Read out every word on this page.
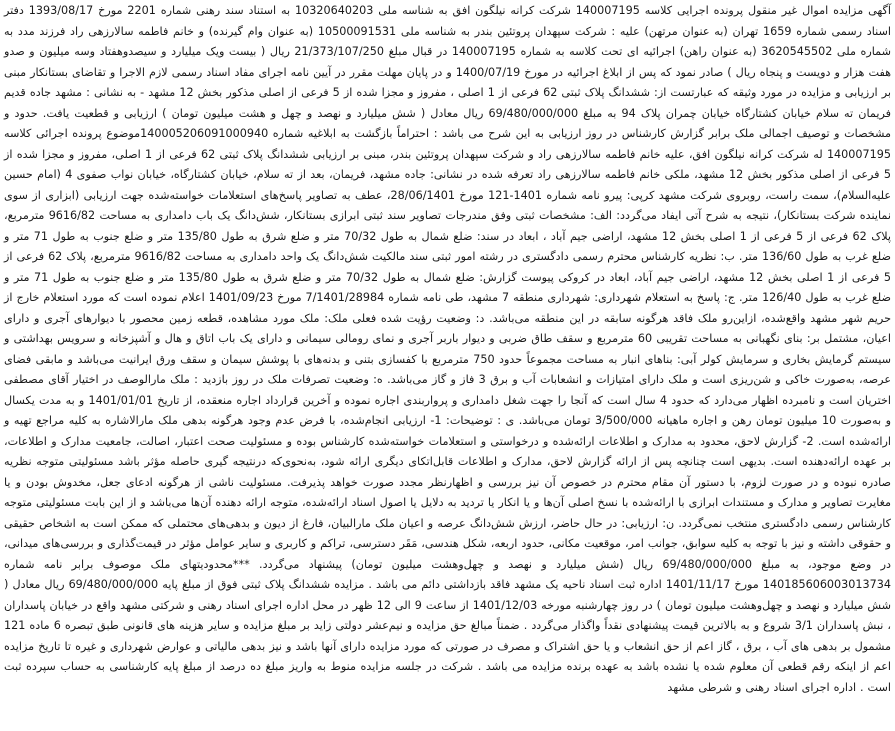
آگهی مزایده اموال غیر منقول پرونده اجرایی کلاسه 140007195 شرکت کرانه نیلگون افق به شناسه ملی 10320640203 به استناد سند رهنی شماره 2201 مورخ 1393/08/17 دفتر اسناد رسمی شماره 1659 تهران (به عنوان مرتهن) علیه : شرکت سپهدان پروتئین بندر به شناسه ملی 10500091531 (به عنوان وام گیرنده) و خانم فاطمه سالارزهی راد فرزند مدد به شماره ملی 3620545502 (به عنوان راهن) اجرائیه ای تحت کلاسه به شماره 140007195 در قبال مبلغ 21/373/107/250 ریال ( بیست ویک میلیارد و سیصدوهفتاد وسه میلیون و صدو هفت هزار و دویست و پنجاه ریال ) صادر نمود که پس از ابلاغ اجرائیه در مورخ 1400/07/19 و در پایان مهلت مقرر در آیین نامه اجرای مفاد اسناد رسمی لازم الاجرا و تقاضای بستانکار مبنی بر ارزیابی و مزایده در مورد وثیقه که عبارتست از: ششدانگ پلاک ثبتی 62 فرعی از 1 اصلی ، مفروز و مجزا شده از 5 فرعی از اصلی مذکور بخش 12 مشهد - به نشانی : مشهد جاده قدیم فریمان ته سلام خیابان کشتارگاه خیابان چمران پلاک 94 به مبلغ 69/480/000/000 ریال معادل ( شش میلیارد و نهصد و چهل و هشت میلیون تومان ) ارزیابی و قطعیت یافت. حدود و مشخصات و توصیف اجمالی ملک برابر گزارش کارشناس در روز ارزیابی به این شرح می باشد : احتراماً بازگشت به ابلاغیه شماره 140005206091000940موضوع پرونده اجرائی کلاسه 140007195 له شرکت کرانه نیلگون افق، علیه خانم فاطمه سالارزهی راد و شرکت سپهدان پروتئین بندر، مبنی بر ارزیابی ششدانگ پلاک ثبتی 62 فرعی از 1 اصلی، مفروز و مجزا شده از 5 فرعی از اصلی مذکور بخش 12 مشهد، ملکی خانم فاطمه سالارزهی راد تعرفه شده در نشانی: جاده مشهد، فریمان، بعد از ته سلام، خیابان کشتارگاه، خیابان نواب صفوی 4 (امام حسین علیه‌السلام)، سمت راست، روبروی شرکت مشهد کرپی: پیرو نامه شماره 1401-121 مورخ 28/06/1401، عطف به تصاویر پاسخ‌های استعلامات خواسته‌شده جهت ارزیابی (ابزاری از سوی نماینده شرکت بستانکار)، نتیجه به شرح آتی ایفاد می‌گردد: الف: مشخصات ثبتی وفق مندرجات تصاویر سند ثبتی ابرازی بستانکار، شش‌دانگ یک باب دامداری به مساحت 9616/82 مترمربع، پلاک 62 فرعی از 5 فرعی از 1 اصلی بخش 12 مشهد، اراضی جیم آباد ، ابعاد در سند: ضلع شمال به طول 70/32 متر و ضلع شرق به طول 135/80 متر و ضلع جنوب به طول 71 متر و ضلع غرب به طول 136/60 متر. ب: نظریه کارشناس محترم رسمی دادگستری در رشته امور ثبتی سند مالکیت شش‌دانگ یک واحد دامداری به مساحت 9616/82 مترمربع، پلاک 62 فرعی از 5 فرعی از 1 اصلی بخش 12 مشهد، اراضی جیم آباد، ابعاد در کروکی پیوست گزارش: ضلع شمال به طول 70/32 متر و ضلع شرق به طول 135/80 متر و ضلع جنوب به طول 71 متر و ضلع غرب به طول 126/40 متر. ج: پاسخ به استعلام شهرداری: شهرداری منطقه 7 مشهد، طی نامه شماره 7/1401/28984 مورخ 1401/09/23 اعلام نموده است که مورد استعلام خارج از حریم شهر مشهد واقع‌شده، ازاین‌رو ملک فاقد هرگونه سابقه در این منطقه می‌باشد. د: وضعیت رؤیت شده فعلی ملک: ملک مورد مشاهده، قطعه زمین محصور با دیوارهای آجری و دارای اعیان، مشتمل بر: بنای نگهبانی به مساحت تقریبی 60 مترمربع و سقف طاق ضربی و دیوار باربر آجری و نمای رومالی سیمانی و دارای یک باب اتاق و هال و آشپزخانه و سرویس بهداشتی و سیستم گرمایش بخاری و سرمایش کولر آبی: بناهای انبار به مساحت مجموعاً حدود 750 مترمربع با کفسازی بتنی و بدنه‌های با پوشش سیمان و سقف ورق ایرانیت می‌باشد و مابقی فضای عرصه، به‌صورت خاکی و شن‌ریزی است و ملک دارای امتیازات و انشعابات آب و برق 3 فاز و گاز می‌باشد. ه: وضعیت تصرفات ملک در روز بازدید : ملک مارالوصف در اختیار آقای مصطفی اختریان است و نامبرده اظهار می‌دارد که حدود 4 سال است که آنجا را جهت شغل دامداری و پرواربندی اجاره نموده و آخرین قرارداد اجاره منعقده، از تاریخ 1401/01/01 و به مدت یکسال و به‌صورت 10 میلیون تومان رهن و اجاره ماهیانه 3/500/000 تومان می‌باشد. ی : توضیحات: 1- ارزیابی انجام‌شده، با فرض عدم وجود هرگونه بدهی ملک مارالاشاره به کلیه مراجع تهیه و ارائه‌شده است. 2- گزارش لاحق، محدود به مدارک و اطلاعات ارائه‌شده و درخواستی و استعلامات خواسته‌شده کارشناس بوده و مسئولیت صحت اعتبار، اصالت، جامعیت مدارک و اطلاعات، بر عهده ارائه‌دهنده است. بدیهی است چنانچه پس از ارائه گزارش لاحق، مدارک و اطلاعات قابل‌اتکای دیگری ارائه شود، به‌نحوی‌که درنتیجه گیری حاصله مؤثر باشد مسئولیتی متوجه نظریه صادره نبوده و در صورت لزوم، با دستور آن مقام محترم در خصوص آن نیز بررسی و اظهارنظر مجدد صورت خواهد پذیرفت. مسئولیت ناشی از هرگونه ادعای جعل، مخدوش بودن و یا مغایرت تصاویر و مدارک و مستندات ابرازی با ارائه‌شده با نسخ اصلی آن‌ها و یا انکار یا تردید به دلایل یا اصول اسناد ارائه‌شده، متوجه ارائه دهنده آن‌ها می‌باشد و از این بابت مسئولیتی متوجه کارشناس رسمی دادگستری منتخب نمی‌گردد. ن: ارزیابی: در حال حاضر، ارزش شش‌دانگ عرصه و اعیان ملک مارالبیان، فارغ از دیون و بدهی‌های محتملی که ممکن است به اشخاص حقیقی و حقوقی داشته و نیز با توجه به کلیه سوابق، جوانب امر، موقعیت مکانی، حدود اربعه، شکل هندسی، مَقَر دسترسی، تراکم و کاربری و سایر عوامل مؤثر در قیمت‌گذاری و بررسی‌های میدانی، در وضع موجود، به مبلغ 69/480/000/000 ریال (شش میلیارد و نهصد و چهل‌وهشت میلیون تومان) پیشنهاد می‌گردد. ***محدودیتهای ملک موصوف برابر نامه شماره 140185606003013734 مورخ 1401/11/17 اداره ثبت اسناد ناحیه یک مشهد فاقد بازداشتی دائم می باشد . مزایده ششدانگ پلاک ثبتی فوق از مبلغ پایه 69/480/000/000 ریال معادل ( شش میلیارد و نهصد و چهل‌وهشت میلیون تومان ) در روز چهارشنبه مورخه 1401/12/03 از ساعت 9 الی 12 ظهر در محل اداره اجرای اسناد رهنی و شرکتی مشهد واقع در خیابان پاسداران ، نبش پاسداران 3/1 شروع و به بالاترین قیمت پیشنهادی نقداً واگذار می‌گردد . ضمناً مبالغ حق مزایده و نیم‌عشر دولتی زاید بر مبلغ مزایده و سایر هزینه های قانونی طبق تبصره 6 ماده 121 مشمول بر بدهی های آب ، برق ، گاز اعم از حق انشعاب و یا حق اشتراک و مصرف در صورتی که مورد مزایده دارای آنها باشد و نیز بدهی مالیاتی و عوارض شهرداری و غیره تا تاریخ مزایده اعم از اینکه رقم قطعی آن معلوم شده یا نشده باشد به عهده برنده مزایده می باشد . شرکت در جلسه مزایده منوط به واریز مبلغ ده درصد از مبلغ پایه کارشناسی به حساب سپرده ثبت است . اداره اجرای اسناد رهنی و شرطی مشهد
